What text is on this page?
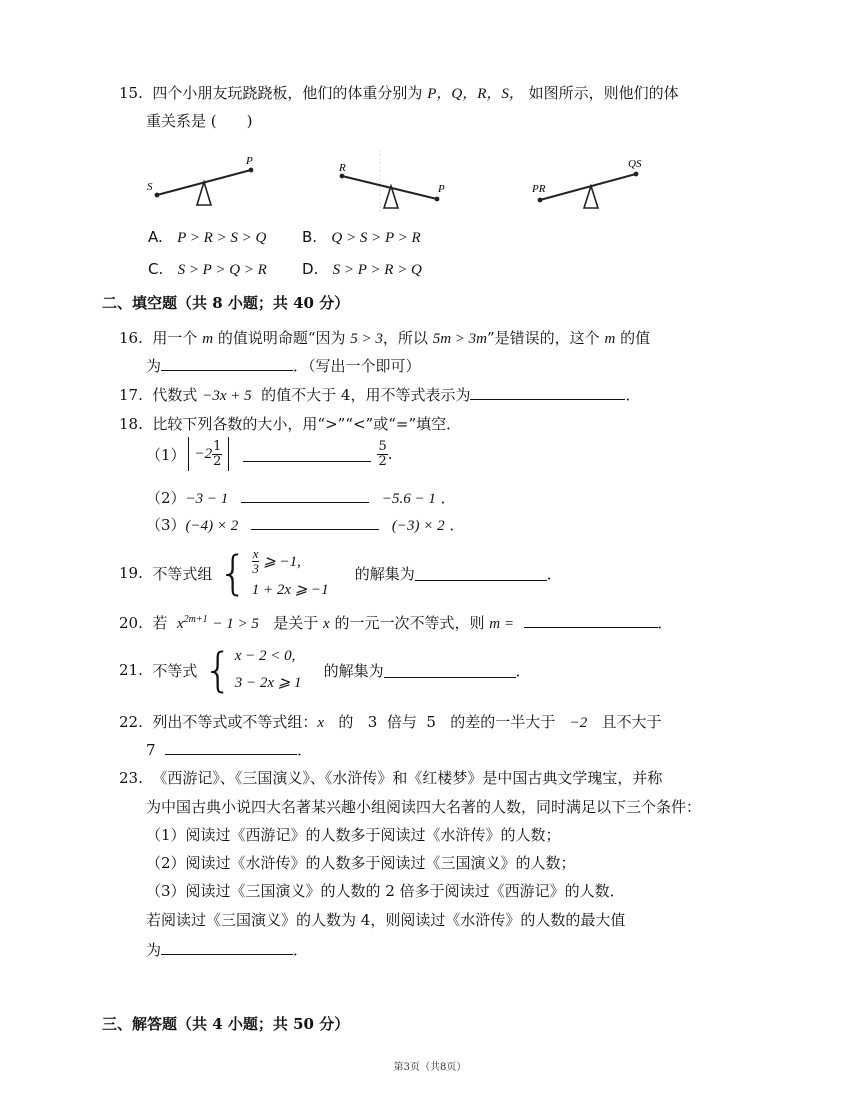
15. 四个小朋友玩跷跷板，他们的体重分别为 P，Q，R，S， 如图所示，则他们的体
重关系是 (　　)
S
P
R
P	PR
QS
A. P > R > S > Q B. Q > S > P > R
C. S > P > Q > R D. S > P > R > Q
二、填空题（共 8 小题；共 40 分）
16. 用一个 m 的值说明命题“因为 5 > 3，所以 5m > 3m”是错误的，这个 m 的值
为	．（写出一个即可）
17. 代数式 −3x + 5 的值不大于 4，用不等式表示为	．
18. 比较下列各数的大小，用“>”“<”或“=”填空．
$(1) -2 \frac{1}{2}$	$\frac{5}{2}$ .
（2）−3 − 1	−5.6 − 1 ．
（3）(−4) × 2	(−3) × 2 ．
19.
不等式组 { $\frac{x}{3}$
⩾ −1,
1 + 2x ⩾ −1
的解集为	．
20. 若 $x^{2m+1} - 1 > 5$ 是关于 x 的一元一次不等式，则 m =	．
21.
不等式 { x − 2 < 0,
3 − 2x ⩾ 1
的解集为	．
22. 列出不等式或不等式组：x 的 3 倍与 5 的差的一半大于 −2 且不大于
7	．
23. 《西游记》、《三国演义》、《水浒传》和《红楼梦》是中国古典文学瑰宝，并称
为中国古典小说四大名著某兴趣小组阅读四大名著的人数，同时满足以下三个条件：
（1）阅读过《西游记》的人数多于阅读过《水浒传》的人数；
（2）阅读过《水浒传》的人数多于阅读过《三国演义》的人数；
（3）阅读过《三国演义》的人数的 2 倍多于阅读过《西游记》的人数．
若阅读过《三国演义》的人数为 4，则阅读过《水浒传》的人数的最大值
为	．
三、解答题（共 4 小题；共 50 分）
第3页（共8页）
